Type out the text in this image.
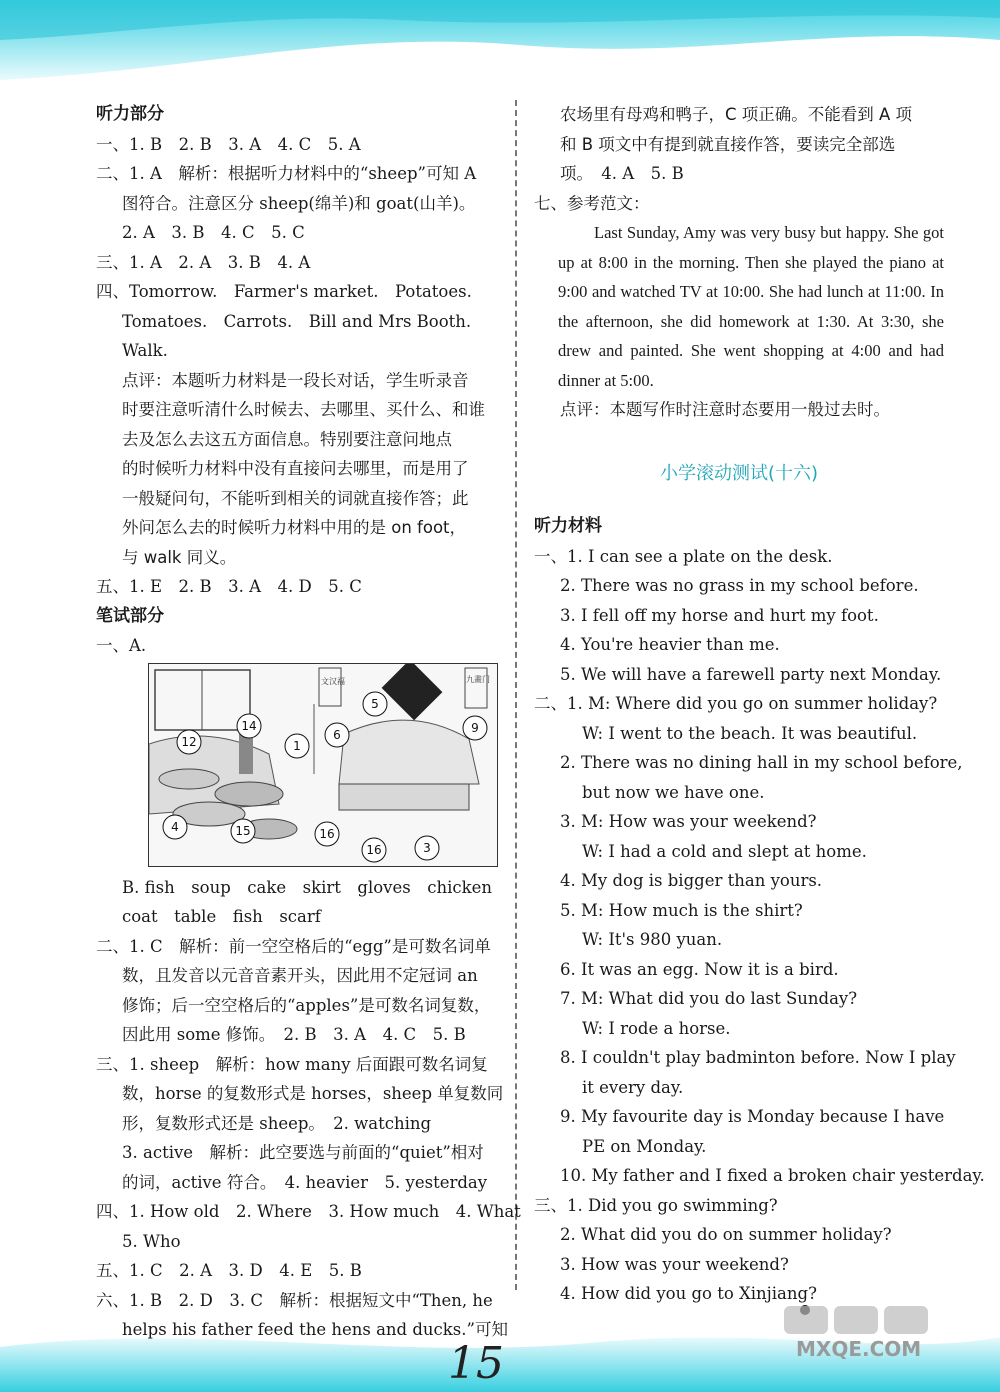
听力部分
一、1. B　2. B　3. A　4. C　5. A
二、1. A　解析：根据听力材料中的“sheep”可知 A
图符合。注意区分 sheep(绵羊)和 goat(山羊)。
2. A　3. B　4. C　5. C
三、1. A　2. A　3. B　4. A
四、Tomorrow.　Farmer's market.　Potatoes.
Tomatoes.　Carrots.　Bill and Mrs Booth.
Walk.
点评：本题听力材料是一段长对话，学生听录音
时要注意听清什么时候去、去哪里、买什么、和谁
去及怎么去这五方面信息。特别要注意问地点
的时候听力材料中没有直接问去哪里，而是用了
一般疑问句，不能听到相关的词就直接作答；此
外问怎么去的时候听力材料中用的是 on foot，
与 walk 同义。
五、1. E　2. B　3. A　4. D　5. C
笔试部分
一、A.
文汉福	九畫门
14
12	1
6
5
9
4	15	16
16	3
B. fish　soup　cake　skirt　gloves　chicken
coat　table　fish　scarf
二、1. C　解析：前一空空格后的“egg”是可数名词单
数，且发音以元音音素开头，因此用不定冠词 an
修饰；后一空空格后的“apples”是可数名词复数，
因此用 some 修饰。　2. B　3. A　4. C　5. B
三、1. sheep　解析：how many 后面跟可数名词复
数，horse 的复数形式是 horses，sheep 单复数同
形，复数形式还是 sheep。　2. watching
3. active　解析：此空要选与前面的“quiet”相对
的词，active 符合。　4. heavier　5. yesterday
四、1. How old　2. Where　3. How much　4. What
5. Who
五、1. C　2. A　3. D　4. E　5. B
六、1. B　2. D　3. C　解析：根据短文中“Then, he
helps his father feed the hens and ducks.”可知
农场里有母鸡和鸭子，C 项正确。不能看到 A 项
和 B 项文中有提到就直接作答，要读完全部选
项。　4. A　5. B
七、参考范文：
Last Sunday, Amy was very busy but happy. She got up at 8:00 in the morning. Then she played the piano at 9:00 and watched TV at 10:00. She had lunch at 11:00. In the afternoon, she did homework at 1:30. At 3:30, she drew and painted. She went shopping at 4:00 and had dinner at 5:00.
点评：本题写作时注意时态要用一般过去时。
小学滚动测试(十六)
听力材料
一、1. I can see a plate on the desk.
2. There was no grass in my school before.
3. I fell off my horse and hurt my foot.
4. You're heavier than me.
5. We will have a farewell party next Monday.
二、1. M: Where did you go on summer holiday?
W: I went to the beach. It was beautiful.
2. There was no dining hall in my school before,
but now we have one.
3. M: How was your weekend?
W: I had a cold and slept at home.
4. My dog is bigger than yours.
5. M: How much is the shirt?
W: It's 980 yuan.
6. It was an egg. Now it is a bird.
7. M: What did you do last Sunday?
W: I rode a horse.
8. I couldn't play badminton before. Now I play
it every day.
9. My favourite day is Monday because I have
PE on Monday.
10. My father and I fixed a broken chair yesterday.
三、1. Did you go swimming?
2. What did you do on summer holiday?
3. How was your weekend?
4. How did you go to Xinjiang?
15	MXQE.COM
